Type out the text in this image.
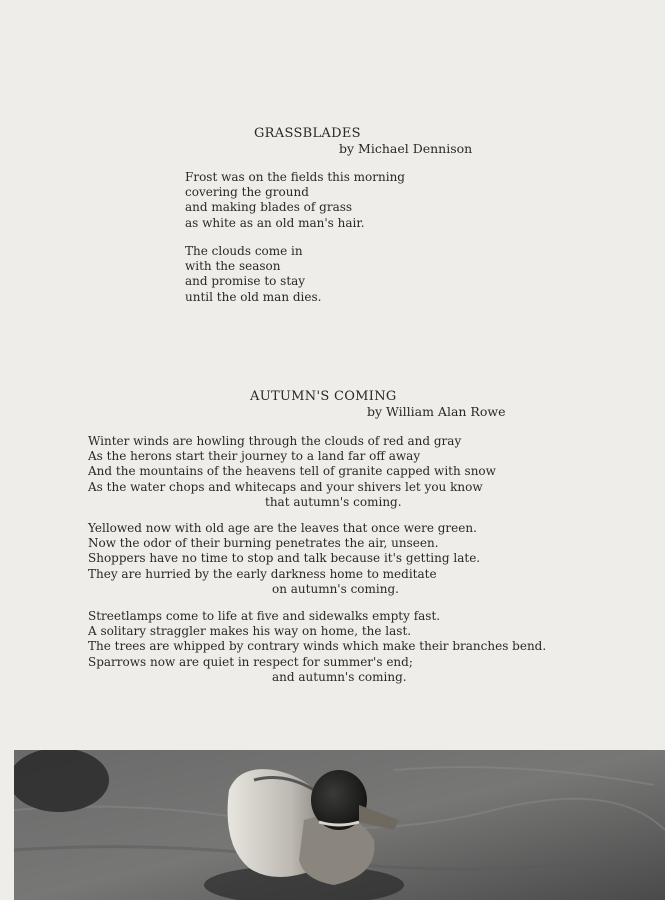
GRASSBLADES
by Michael Dennison
Frost was on the fields this morning
covering the ground
and making blades of grass
as white as an old man's hair.
The clouds come in
with the season
and promise to stay
until the old man dies.
AUTUMN'S COMING
by William Alan Rowe
Winter winds are howling through the clouds of red and gray
As the herons start their journey to a land far off away
And the mountains of the heavens tell of granite capped with snow
As the water chops and whitecaps and your shivers let you know
that autumn's coming.
Yellowed now with old age are the leaves that once were green.
Now the odor of their burning penetrates the air, unseen.
Shoppers have no time to stop and talk because it's getting late.
They are hurried by the early darkness home to meditate
on autumn's coming.
Streetlamps come to life at five and sidewalks empty fast.
A solitary straggler makes his way on home, the last.
The trees are whipped by contrary winds which make their branches bend.
Sparrows now are quiet in respect for summer's end;
and autumn's coming.
